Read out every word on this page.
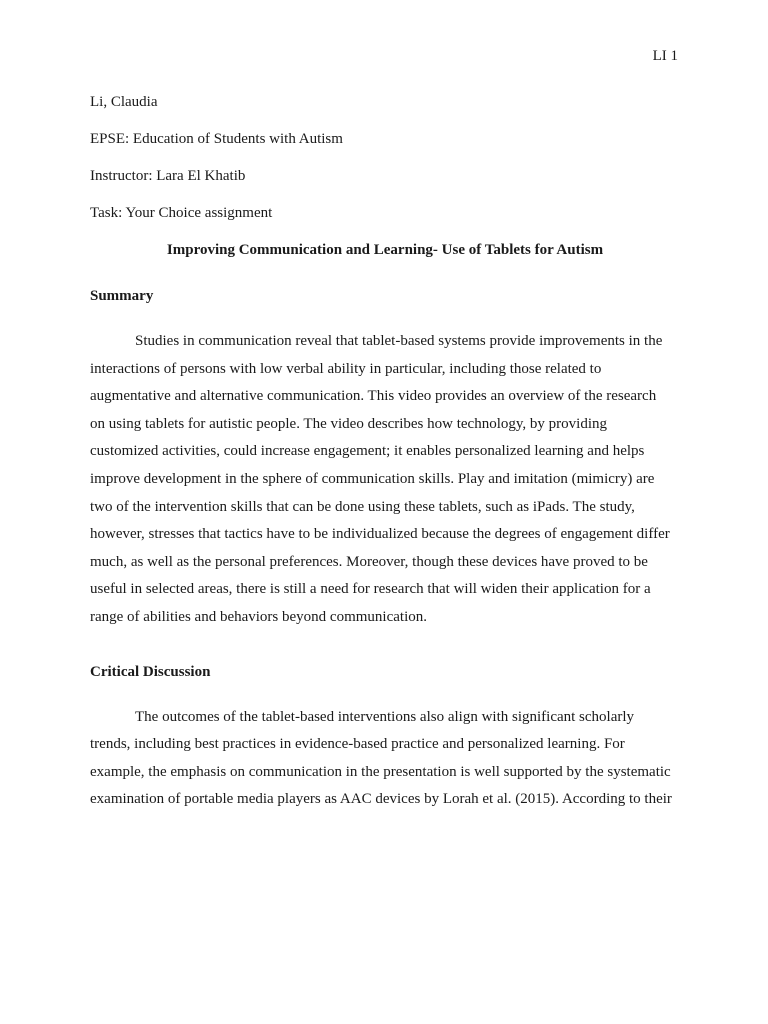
LI 1

Li, Claudia

EPSE: Education of Students with Autism

Instructor: Lara El Khatib

Task: Your Choice assignment

Improving Communication and Learning- Use of Tablets for Autism

Summary

Studies in communication reveal that tablet-based systems provide improvements in the
interactions of persons with low verbal ability in particular, including those related to
augmentative and alternative communication. This video provides an overview of the research
on using tablets for autistic people. The video describes how technology, by providing
customized activities, could increase engagement; it enables personalized learning and helps
improve development in the sphere of communication skills. Play and imitation (mimicry) are
two of the intervention skills that can be done using these tablets, such as iPads. The study,
however, stresses that tactics have to be individualized because the degrees of engagement differ
much, as well as the personal preferences. Moreover, though these devices have proved to be
useful in selected areas, there is still a need for research that will widen their application for a
range of abilities and behaviors beyond communication.

Critical Discussion

The outcomes of the tablet-based interventions also align with significant scholarly
trends, including best practices in evidence-based practice and personalized learning. For
example, the emphasis on communication in the presentation is well supported by the systematic
examination of portable media players as AAC devices by Lorah et al. (2015). According to their
